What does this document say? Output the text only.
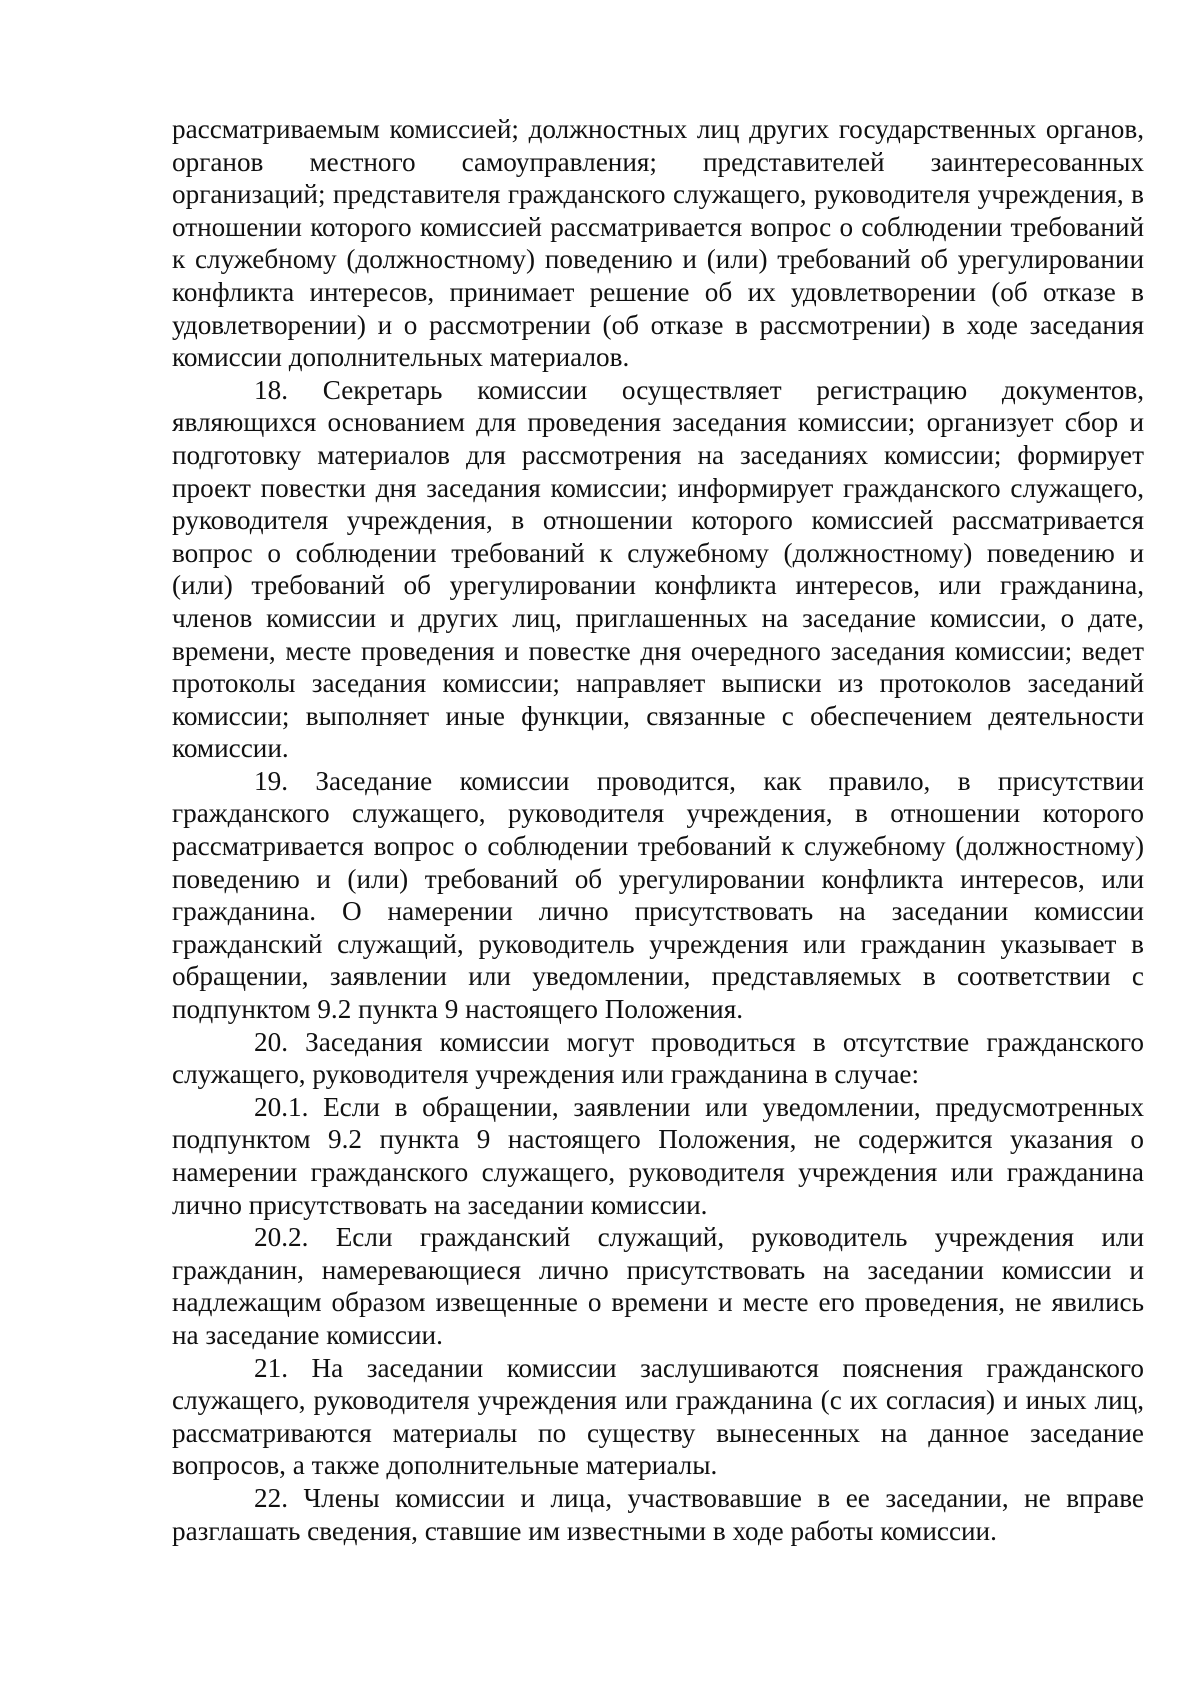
рассматриваемым комиссией; должностных лиц других государственных органов, органов местного самоуправления; представителей заинтересованных организаций; представителя гражданского служащего, руководителя учреждения, в отношении которого комиссией рассматривается вопрос о соблюдении требований к служебному (должностному) поведению и (или) требований об урегулировании конфликта интересов, принимает решение об их удовлетворении (об отказе в удовлетворении) и о рассмотрении (об отказе в рассмотрении) в ходе заседания комиссии дополнительных материалов.

18. Секретарь комиссии осуществляет регистрацию документов, являющихся основанием для проведения заседания комиссии; организует сбор и подготовку материалов для рассмотрения на заседаниях комиссии; формирует проект повестки дня заседания комиссии; информирует гражданского служащего, руководителя учреждения, в отношении которого комиссией рассматривается вопрос о соблюдении требований к служебному (должностному) поведению и (или) требований об урегулировании конфликта интересов, или гражданина, членов комиссии и других лиц, приглашенных на заседание комиссии, о дате, времени, месте проведения и повестке дня очередного заседания комиссии; ведет протоколы заседания комиссии; направляет выписки из протоколов заседаний комиссии; выполняет иные функции, связанные с обеспечением деятельности комиссии.

19. Заседание комиссии проводится, как правило, в присутствии гражданского служащего, руководителя учреждения, в отношении которого рассматривается вопрос о соблюдении требований к служебному (должностному) поведению и (или) требований об урегулировании конфликта интересов, или гражданина. О намерении лично присутствовать на заседании комиссии гражданский служащий, руководитель учреждения или гражданин указывает в обращении, заявлении или уведомлении, представляемых в соответствии с подпунктом 9.2 пункта 9 настоящего Положения.

20. Заседания комиссии могут проводиться в отсутствие гражданского служащего, руководителя учреждения или гражданина в случае:

20.1. Если в обращении, заявлении или уведомлении, предусмотренных подпунктом 9.2 пункта 9 настоящего Положения, не содержится указания о намерении гражданского служащего, руководителя учреждения или гражданина лично присутствовать на заседании комиссии.

20.2. Если гражданский служащий, руководитель учреждения или гражданин, намеревающиеся лично присутствовать на заседании комиссии и надлежащим образом извещенные о времени и месте его проведения, не явились на заседание комиссии.

21. На заседании комиссии заслушиваются пояснения гражданского служащего, руководителя учреждения или гражданина (с их согласия) и иных лиц, рассматриваются материалы по существу вынесенных на данное заседание вопросов, а также дополнительные материалы.

22. Члены комиссии и лица, участвовавшие в ее заседании, не вправе разглашать сведения, ставшие им известными в ходе работы комиссии.
